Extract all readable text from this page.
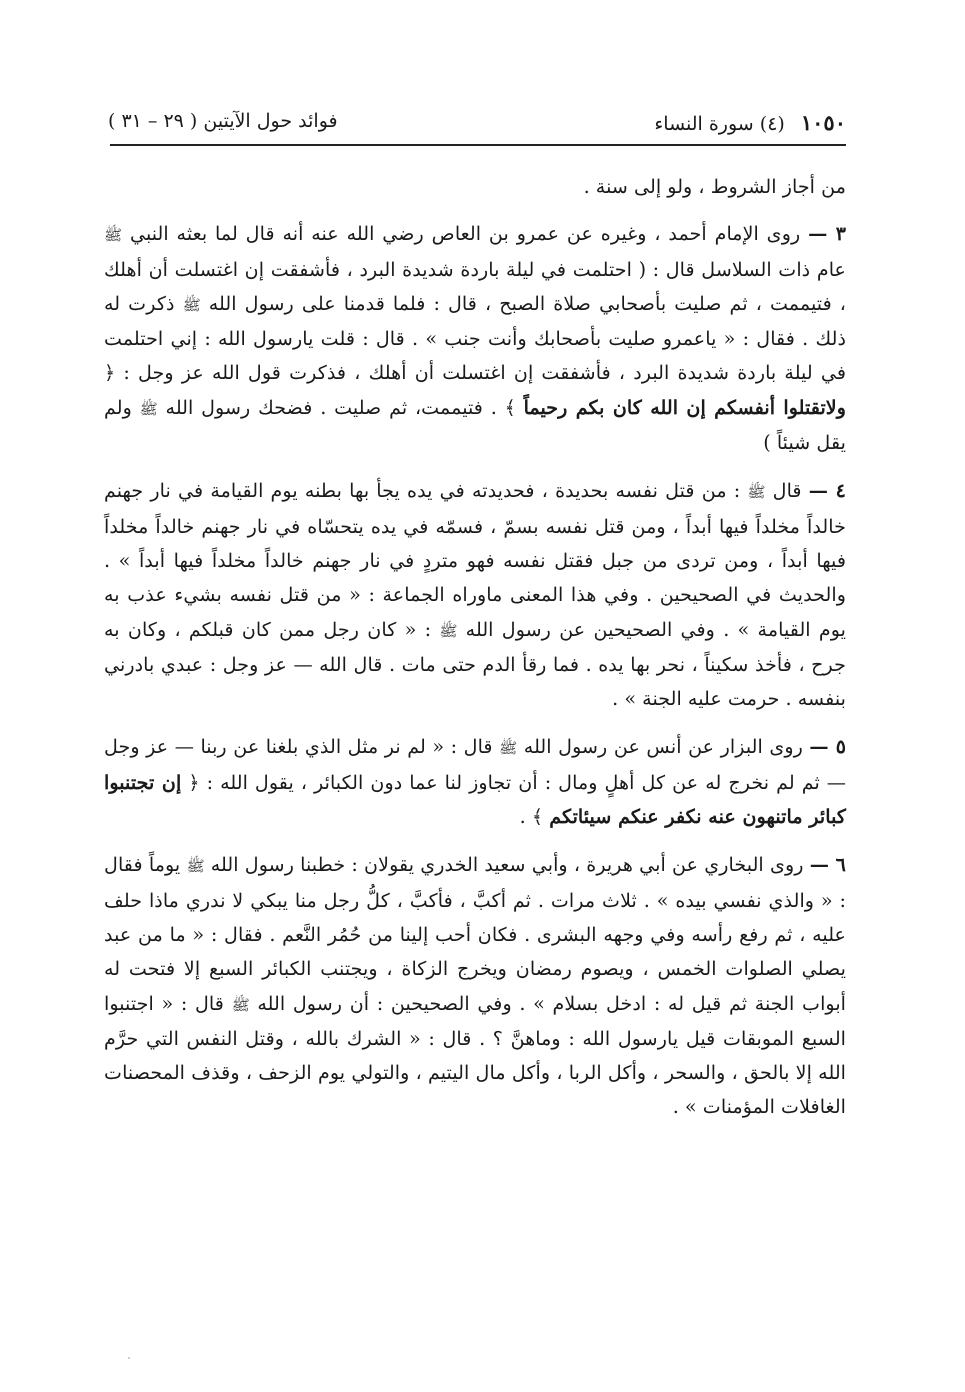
١٠٥٠ (٤) سورة النساء
فوائد حول الآيتين ( ٢٩ – ٣١ )

من أجاز الشروط ، ولو إلى سنة .

٣ — روى الإمام أحمد ، وغيره عن عمرو بن العاص رضي الله عنه أنه قال لما بعثه النبي ﷺ عام ذات السلاسل قال : ( احتلمت في ليلة باردة شديدة البرد ، فأشفقت إن اغتسلت أن أهلك ، فتيممت ، ثم صليت بأصحابي صلاة الصبح ، قال : فلما قدمنا على رسول الله ﷺ ذكرت له ذلك . فقال : « ياعمرو صليت بأصحابك وأنت جنب » . قال : قلت يارسول الله : إني احتلمت في ليلة باردة شديدة البرد ، فأشفقت إن اغتسلت أن أهلك ، فذكرت قول الله عز وجل : ﴿ ولاتقتلوا أنفسكم إن الله كان بكم رحيماً ﴾ . فتيممت، ثم صليت . فضحك رسول الله ﷺ ولم يقل شيئاً )

٤ — قال ﷺ : من قتل نفسه بحديدة ، فحديدته في يده يجأ بها بطنه يوم القيامة في نار جهنم خالداً مخلداً فيها أبداً ، ومن قتل نفسه بسمّ ، فسمّه في يده يتحسّاه في نار جهنم خالداً مخلداً فيها أبداً ، ومن تردى من جبل فقتل نفسه فهو متردٍ في نار جهنم خالداً مخلداً فيها أبداً » . والحديث في الصحيحين . وفي هذا المعنى ماوراه الجماعة : « من قتل نفسه بشيء عذب به يوم القيامة » . وفي الصحيحين عن رسول الله ﷺ : « كان رجل ممن كان قبلكم ، وكان به جرح ، فأخذ سكيناً ، نحر بها يده . فما رقأ الدم حتى مات . قال الله — عز وجل : عبدي بادرني بنفسه . حرمت عليه الجنة » .

٥ — روى البزار عن أنس عن رسول الله ﷺ قال : « لم نر مثل الذي بلغنا عن ربنا — عز وجل — ثم لم نخرج له عن كل أهلٍ ومال : أن تجاوز لنا عما دون الكبائر ، يقول الله : ﴿ إن تجتنبوا كبائر ماتنهون عنه نكفر عنكم سيئاتكم ﴾ .

٦ — روى البخاري عن أبي هريرة ، وأبي سعيد الخدري يقولان : خطبنا رسول الله ﷺ يوماً فقال : « والذي نفسي بيده » . ثلاث مرات . ثم أكبَّ ، فأكبَّ ، كلُّ رجل منا يبكي لا ندري ماذا حلف عليه ، ثم رفع رأسه وفي وجهه البشرى . فكان أحب إلينا من حُمُر النَّعم . فقال : « ما من عبد يصلي الصلوات الخمس ، ويصوم رمضان ويخرج الزكاة ، ويجتنب الكبائر السبع إلا فتحت له أبواب الجنة ثم قيل له : ادخل بسلام » . وفي الصحيحين : أن رسول الله ﷺ قال : « اجتنبوا السبع الموبقات قيل يارسول الله : وماهنَّ ؟ . قال : « الشرك بالله ، وقتل النفس التي حرَّم الله إلا بالحق ، والسحر ، وأكل الربا ، وأكل مال اليتيم ، والتولي يوم الزحف ، وقذف المحصنات الغافلات المؤمنات » .
